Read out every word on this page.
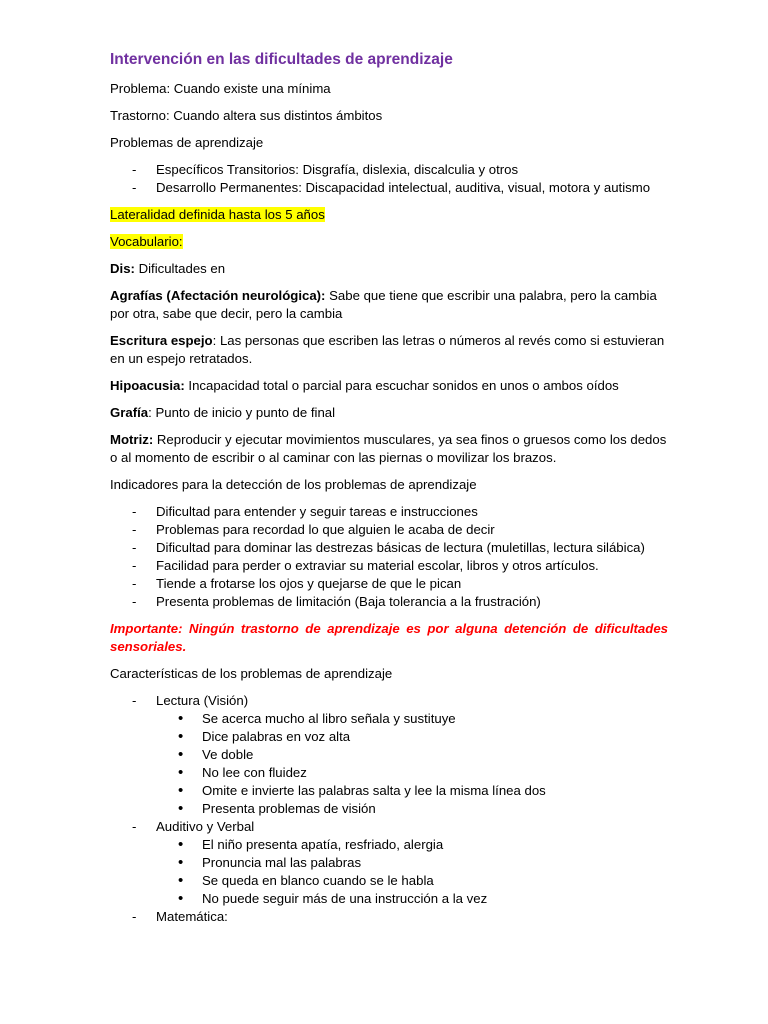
Intervención en las dificultades de aprendizaje

Problema: Cuando existe una mínima

Trastorno: Cuando altera sus distintos ámbitos

Problemas de aprendizaje

- Específicos Transitorios: Disgrafía, dislexia, discalculia y otros
- Desarrollo Permanentes: Discapacidad intelectual, auditiva, visual, motora y autismo

Lateralidad definida hasta los 5 años

Vocabulario:

Dis: Dificultades en

Agrafías (Afectación neurológica): Sabe que tiene que escribir una palabra, pero la cambia por otra, sabe que decir, pero la cambia

Escritura espejo: Las personas que escriben las letras o números al revés como si estuvieran en un espejo retratados.

Hipoacusia: Incapacidad total o parcial para escuchar sonidos en unos o ambos oídos

Grafía: Punto de inicio y punto de final

Motriz: Reproducir y ejecutar movimientos musculares, ya sea finos o gruesos como los dedos o al momento de escribir o al caminar con las piernas o movilizar los brazos.

Indicadores para la detección de los problemas de aprendizaje

- Dificultad para entender y seguir tareas e instrucciones
- Problemas para recordad lo que alguien le acaba de decir
- Dificultad para dominar las destrezas básicas de lectura (muletillas, lectura silábica)
- Facilidad para perder o extraviar su material escolar, libros y otros artículos.
- Tiende a frotarse los ojos y quejarse de que le pican
- Presenta problemas de limitación (Baja tolerancia a la frustración)

Importante: Ningún trastorno de aprendizaje es por alguna detención de dificultades sensoriales.

Características de los problemas de aprendizaje

- Lectura (Visión)
• Se acerca mucho al libro señala y sustituye
• Dice palabras en voz alta
• Ve doble
• No lee con fluidez
• Omite e invierte las palabras salta y lee la misma línea dos
• Presenta problemas de visión
- Auditivo y Verbal
• El niño presenta apatía, resfriado, alergia
• Pronuncia mal las palabras
• Se queda en blanco cuando se le habla
• No puede seguir más de una instrucción a la vez
- Matemática:
